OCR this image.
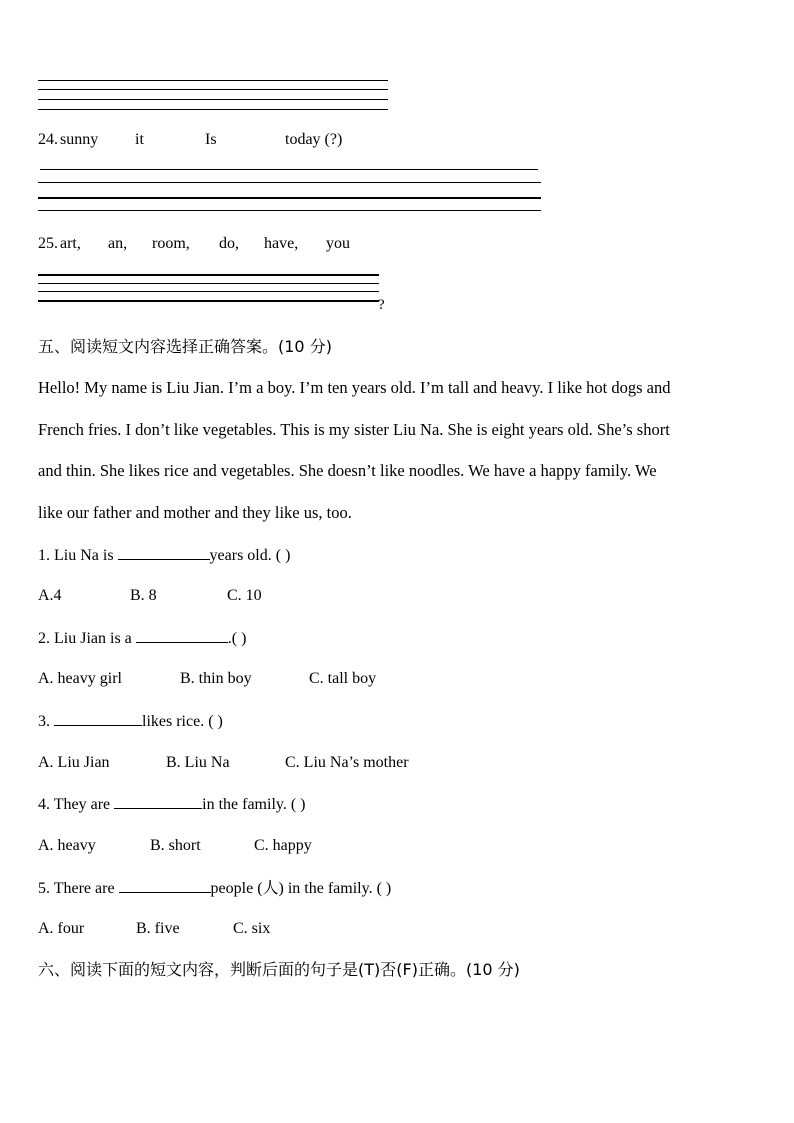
24. sunny it	Is	today (?)
25. art, an, room, do, have, you
?
五、阅读短文内容选择正确答案。(10 分)
Hello! My name is Liu Jian. I’m a boy. I’m ten years old. I’m tall and heavy. I like hot dogs and
French fries. I don’t like vegetables. This is my sister Liu Na. She is eight years old. She’s short
and thin. She likes rice and vegetables. She doesn’t like noodles. We have a happy family. We
like our father and mother and they like us, too.
1. Liu Na is	years old. ( )
A.4	B. 8	C. 10
2. Liu Jian is a	.( )
A. heavy girl	B. thin boy	C. tall boy
3.	likes rice. ( )
A. Liu Jian	B. Liu Na	C. Liu Na’s mother
4. They are	in the family. ( )
A. heavy	B. short	C. happy
5. There are	people (人) in the family. ( )
A. four	B. five	C. six
六、阅读下面的短文内容，判断后面的句子是(T)否(F)正确。(10 分)
